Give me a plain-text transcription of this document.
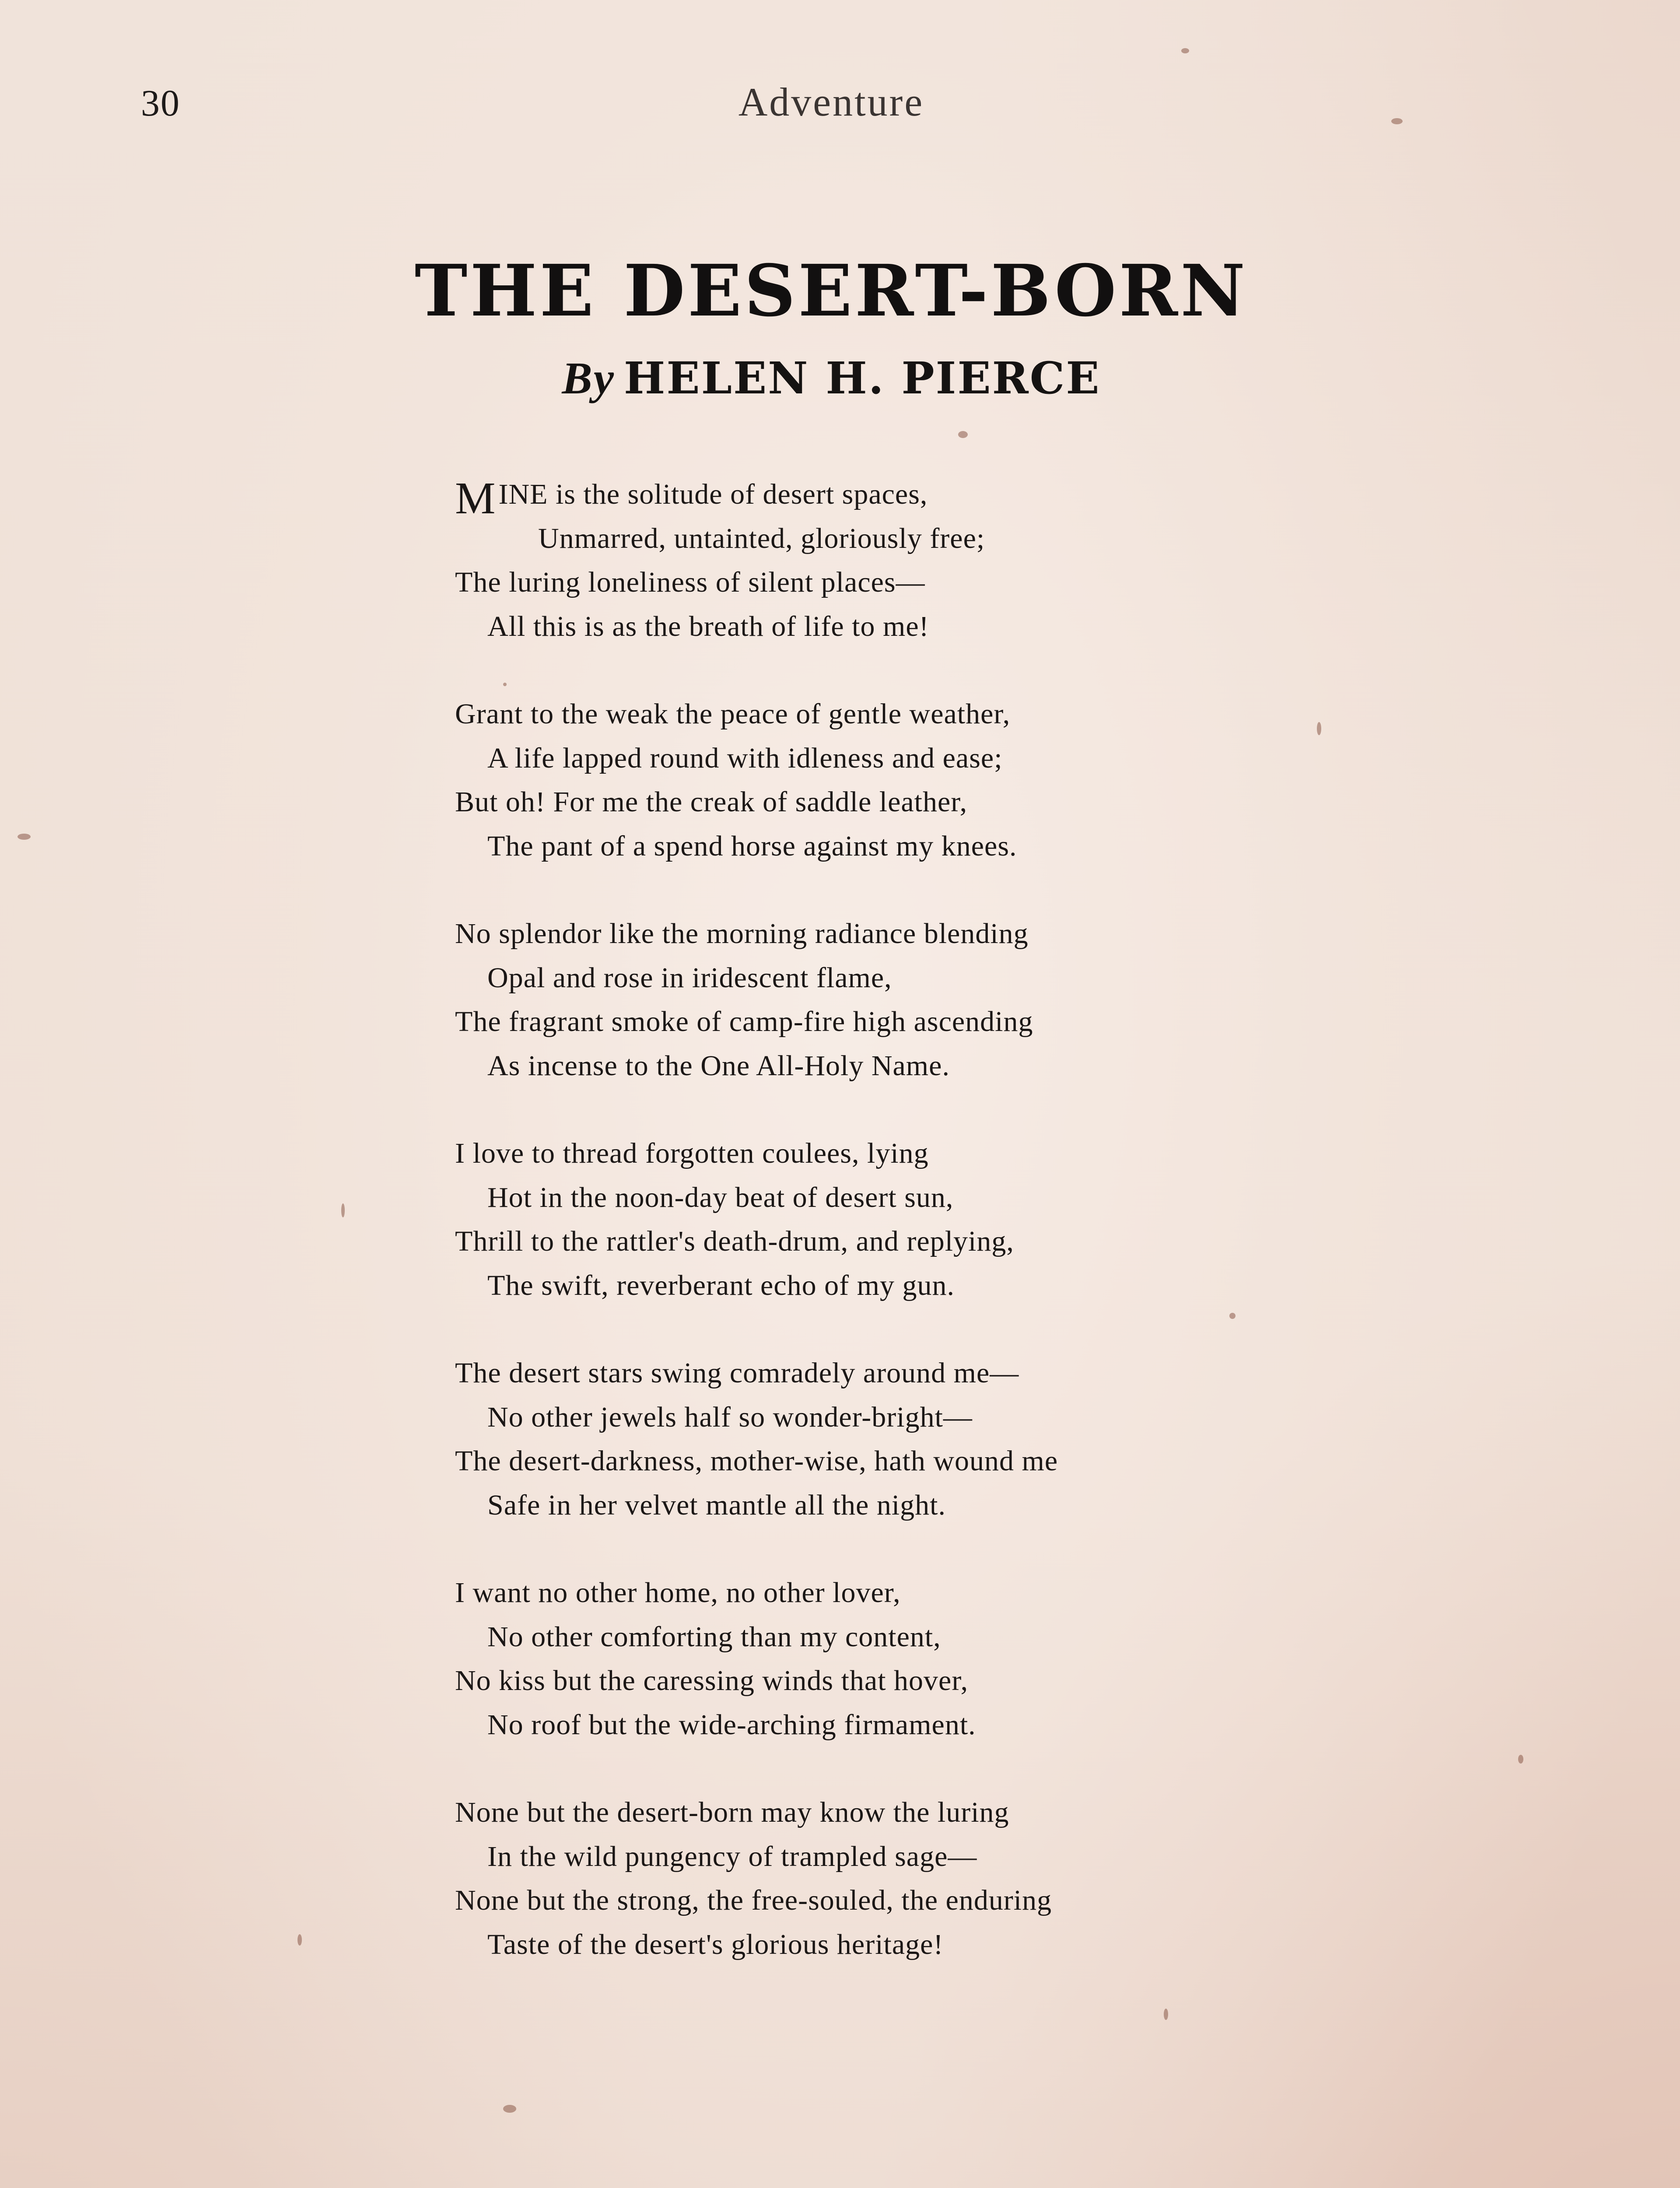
30	Adventure
THE DESERT-BORN
By HELEN H. PIERCE
MINE is the solitude of desert spaces,
Unmarred, untainted, gloriously free;
The luring loneliness of silent places—
All this is as the breath of life to me!
Grant to the weak the peace of gentle weather,
A life lapped round with idleness and ease;
But oh! For me the creak of saddle leather,
The pant of a spend horse against my knees.
No splendor like the morning radiance blending
Opal and rose in iridescent flame,
The fragrant smoke of camp-fire high ascending
As incense to the One All-Holy Name.
I love to thread forgotten coulees, lying
Hot in the noon-day beat of desert sun,
Thrill to the rattler's death-drum, and replying,
The swift, reverberant echo of my gun.
The desert stars swing comradely around me—
No other jewels half so wonder-bright—
The desert-darkness, mother-wise, hath wound me
Safe in her velvet mantle all the night.
I want no other home, no other lover,
No other comforting than my content,
No kiss but the caressing winds that hover,
No roof but the wide-arching firmament.
None but the desert-born may know the luring
In the wild pungency of trampled sage—
None but the strong, the free-souled, the enduring
Taste of the desert's glorious heritage!
